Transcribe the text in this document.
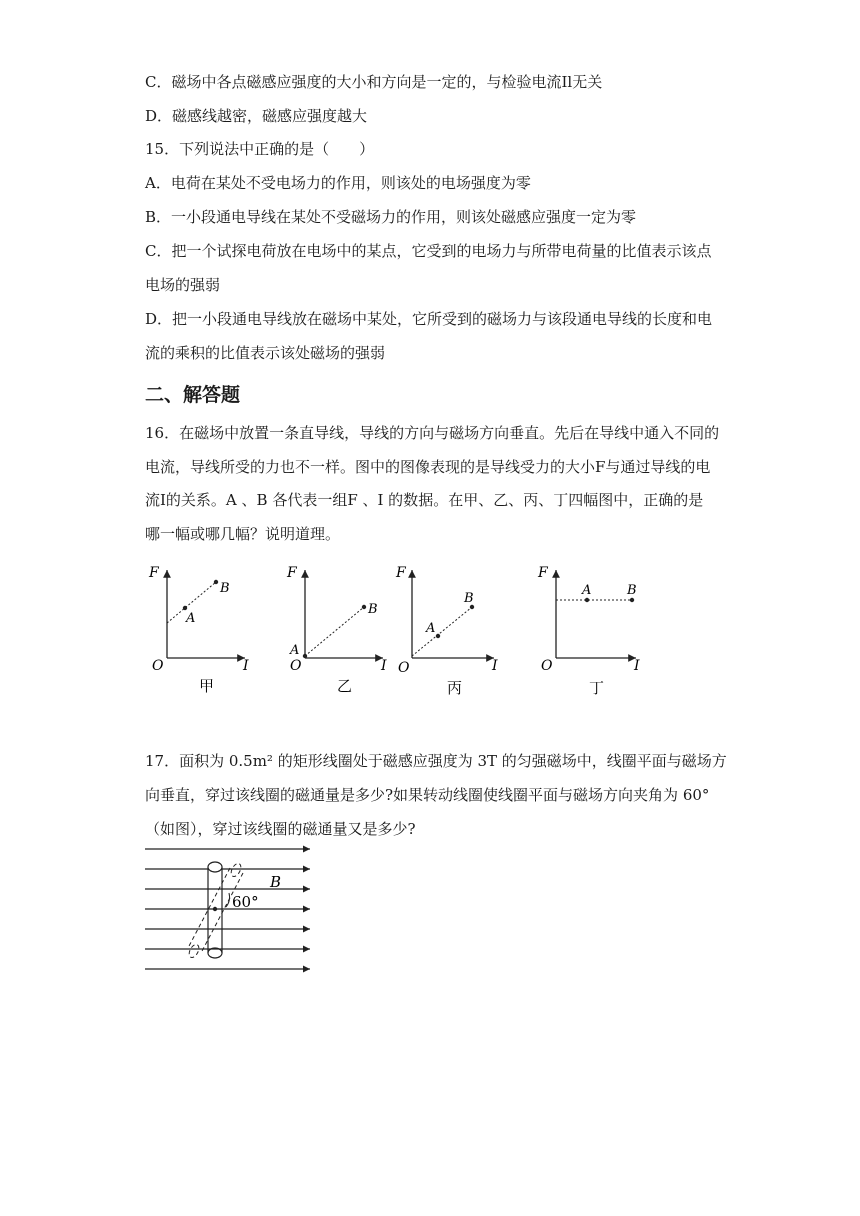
C．磁场中各点磁感应强度的大小和方向是一定的，与检验电流Il无关
D．磁感线越密，磁感应强度越大
15．下列说法中正确的是（　　）
A．电荷在某处不受电场力的作用，则该处的电场强度为零
B．一小段通电导线在某处不受磁场力的作用，则该处磁感应强度一定为零
C．把一个试探电荷放在电场中的某点，它受到的电场力与所带电荷量的比值表示该点
电场的强弱
D．把一小段通电导线放在磁场中某处，它所受到的磁场力与该段通电导线的长度和电
流的乘积的比值表示该处磁场的强弱
二、解答题
16．在磁场中放置一条直导线，导线的方向与磁场方向垂直。先后在导线中通入不同的
电流，导线所受的力也不一样。图中的图像表现的是导线受力的大小F与通过导线的电
流I的关系。A 、B 各代表一组F 、I 的数据。在甲、乙、丙、丁四幅图中，正确的是
哪一幅或哪几幅？说明道理。
F
I
O
A
B
甲
F
I
O
A
B
乙
F
I
O
A
B
丙
F
I
O
A	B
丁
17．面积为 0.5m² 的矩形线圈处于磁感应强度为 3T 的匀强磁场中，线圈平面与磁场方
向垂直，穿过该线圈的磁通量是多少?如果转动线圈使线圈平面与磁场方向夹角为 60°
（如图），穿过该线圈的磁通量又是多少?
B
60°
